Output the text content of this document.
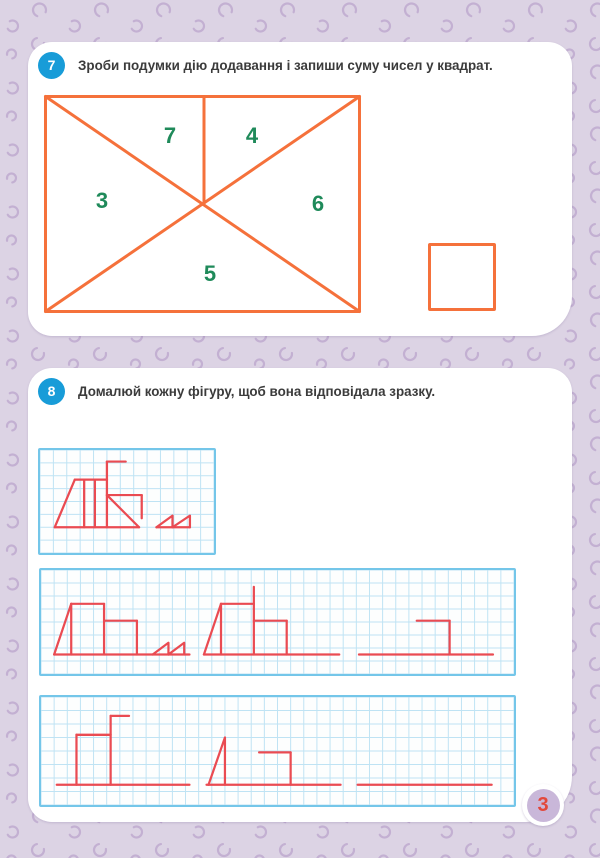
7	Зроби подумки дію додавання і запиши суму чисел у квадрат.
7	4
3	6
5
8	Домалюй кожну фігуру, щоб вона відповідала зразку.
3
